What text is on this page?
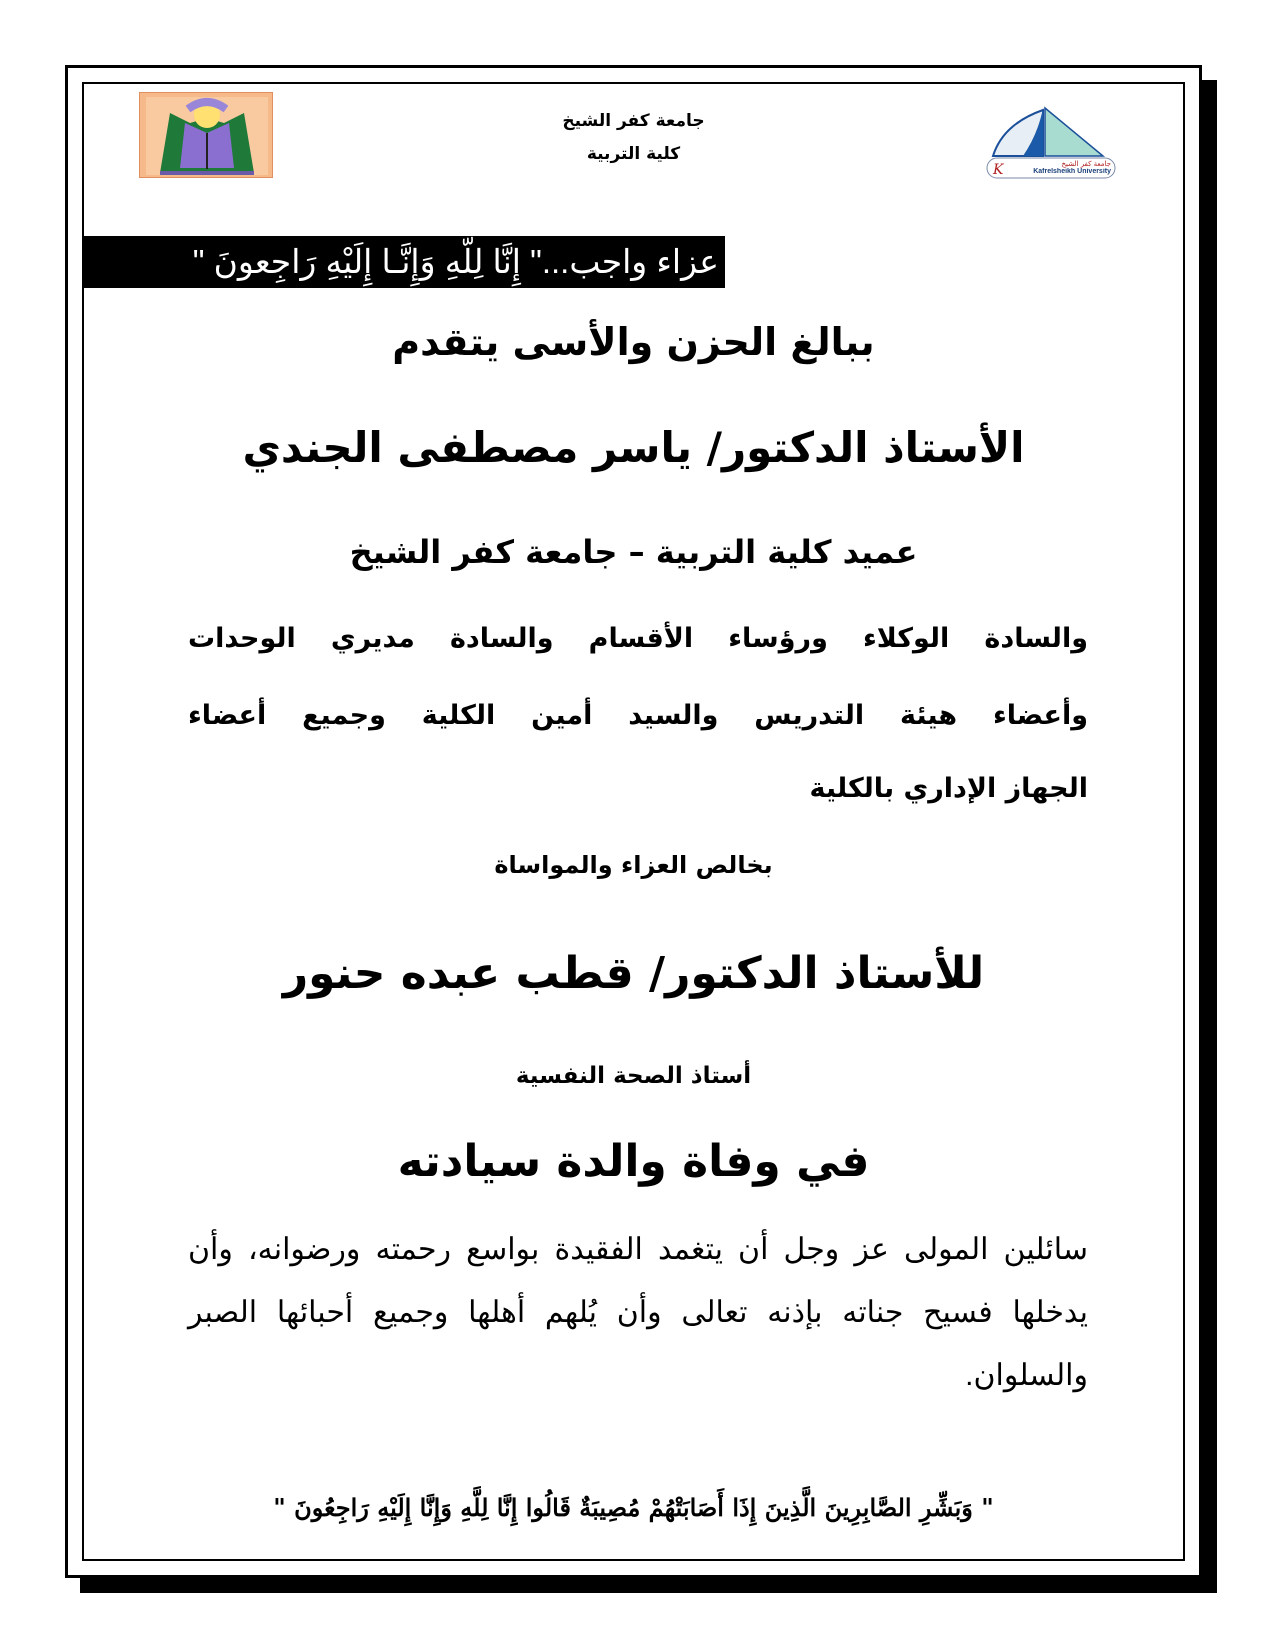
K	جامعة كفر الشيخ
Kafrelsheikh University
جامعة كفر الشيخ
كلية التربية
عزاء واجب..." إِنَّا لِلّهِ وَإِنَّـا إِلَيْهِ رَاجِعونَ "
ببالغ الحزن والأسى يتقدم
الأستاذ الدكتور/ ياسر مصطفى الجندي
عميد كلية التربية – جامعة كفر الشيخ
والسادة الوكلاء ورؤساء الأقسام والسادة مديري الوحدات
وأعضاء هيئة التدريس والسيد أمين الكلية وجميع أعضاء
الجهاز الإداري بالكلية
بخالص العزاء والمواساة
للأستاذ الدكتور/ قطب عبده حنور
أستاذ الصحة النفسية
في وفاة والدة سيادته
سائلين المولى عز وجل أن يتغمد الفقيدة بواسع رحمته ورضوانه، وأن يدخلها فسيح جناته بإذنه تعالى وأن يُلهم أهلها وجميع أحبائها الصبر والسلوان.
" وَبَشِّرِ الصَّابِرِينَ الَّذِينَ إِذَا أَصَابَتْهُمْ مُصِيبَةٌ قَالُوا إِنَّا لِلَّهِ وَإِنَّا إِلَيْهِ رَاجِعُونَ "
